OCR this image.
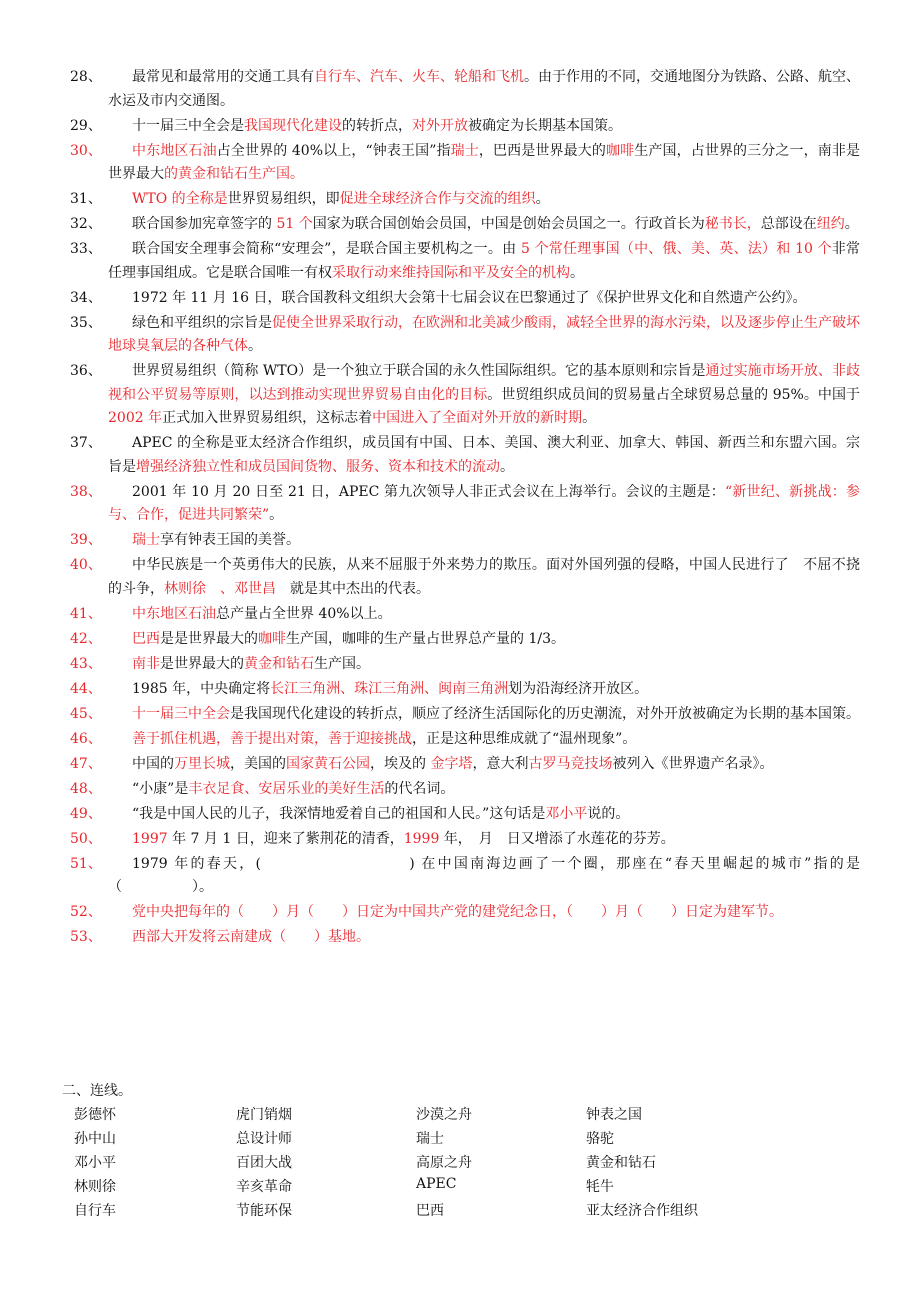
28、	最常见和最常用的交通工具有自行车、汽车、火车、轮船和飞机。由于作用的不同，交通地图分为铁路、公路、航空、水运及市内交通图。
29、	十一届三中全会是我国现代化建设的转折点，对外开放被确定为长期基本国策。
30、	中东地区石油占全世界的 40%以上，“钟表王国”指瑞士，巴西是世界最大的咖啡生产国，占世界的三分之一，南非是世界最大的黄金和钻石生产国。
31、	WTO 的全称是世界贸易组织，即促进全球经济合作与交流的组织。
32、	联合国参加宪章签字的 51 个国家为联合国创始会员国，中国是创始会员国之一。行政首长为秘书长，总部设在纽约。
33、	联合国安全理事会简称“安理会”，是联合国主要机构之一。由 5 个常任理事国（中、俄、美、英、法）和 10 个非常任理事国组成。它是联合国唯一有权采取行动来维持国际和平及安全的机构。
34、	1972 年 11 月 16 日，联合国教科文组织大会第十七届会议在巴黎通过了《保护世界文化和自然遗产公约》。
35、	绿色和平组织的宗旨是促使全世界采取行动，在欧洲和北美减少酸雨，减轻全世界的海水污染，以及逐步停止生产破坏地球臭氧层的各种气体。
36、	世界贸易组织（简称 WTO）是一个独立于联合国的永久性国际组织。它的基本原则和宗旨是通过实施市场开放、非歧视和公平贸易等原则，以达到推动实现世界贸易自由化的目标。世贸组织成员间的贸易量占全球贸易总量的 95%。中国于 2002 年正式加入世界贸易组织，这标志着中国进入了全面对外开放的新时期。
37、	APEC 的全称是亚太经济合作组织，成员国有中国、日本、美国、澳大利亚、加拿大、韩国、新西兰和东盟六国。宗旨是增强经济独立性和成员国间货物、服务、资本和技术的流动。
38、	2001 年 10 月 20 日至 21 日，APEC 第九次领导人非正式会议在上海举行。会议的主题是：“新世纪、新挑战：参与、合作，促进共同繁荣”。
39、	瑞士享有钟表王国的美誉。
40、	中华民族是一个英勇伟大的民族，从来不屈服于外来势力的欺压。面对外国列强的侵略，中国人民进行了　不屈不挠　的斗争，林则徐　、邓世昌　就是其中杰出的代表。
41、	中东地区石油总产量占全世界 40%以上。
42、	巴西是是世界最大的咖啡生产国，咖啡的生产量占世界总产量的 1/3。
43、	南非是世界最大的黄金和钻石生产国。
44、	1985 年，中央确定将长江三角洲、珠江三角洲、闽南三角洲划为沿海经济开放区。
45、	十一届三中全会是我国现代化建设的转折点，顺应了经济生活国际化的历史潮流，对外开放被确定为长期的基本国策。
46、	善于抓住机遇，善于提出对策，善于迎接挑战，正是这种思维成就了“温州现象”。
47、	中国的万里长城，美国的国家黄石公园，埃及的 金字塔，意大利古罗马竞技场被列入《世界遗产名录》。
48、	“小康”是丰衣足食、安居乐业的美好生活的代名词。
49、	“我是中国人民的儿子，我深情地爱着自己的祖国和人民。”这句话是邓小平说的。
50、	1997 年 7 月 1 日，迎来了紫荆花的清香，1999 年，　月　日又增添了水莲花的芬芳。
51、	1979 年的春天，(　　　　　　　　　) 在中国南海边画了一个圈，那座在“春天里崛起的城市”指的是（　　　　　）。
52、	党中央把每年的（　　）月（　　）日定为中国共产党的建党纪念日，（　　）月（　　）日定为建军节。
53、	西部大开发将云南建成（　　）基地。
二、连线。
彭德怀	虎门销烟	沙漠之舟	钟表之国
孙中山	总设计师	瑞士	骆驼
邓小平	百团大战	高原之舟	黄金和钻石
林则徐	辛亥革命	APEC	牦牛
自行车	节能环保	巴西	亚太经济合作组织
